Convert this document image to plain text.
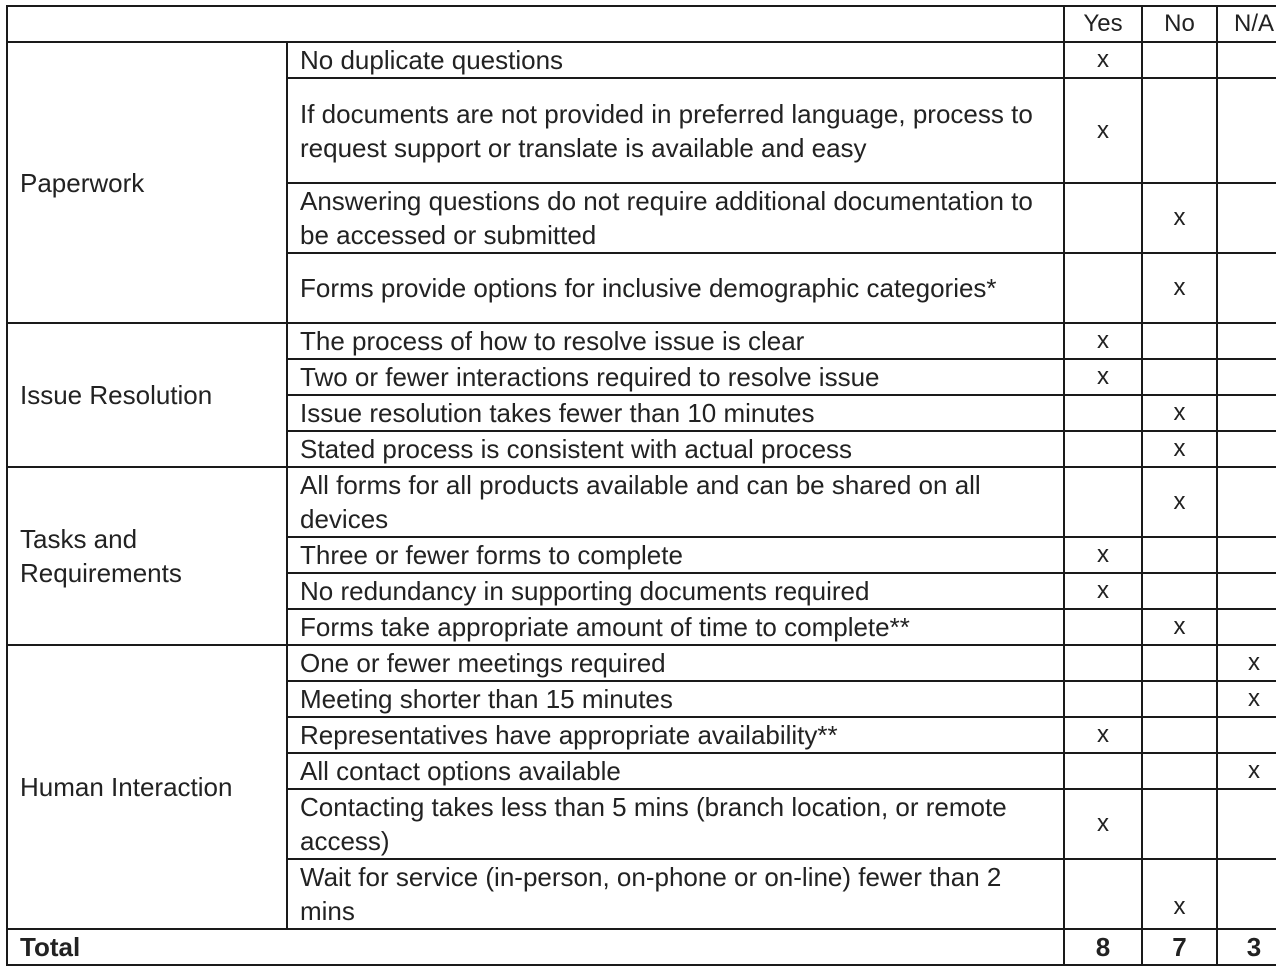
		Yes	No	N/A
Paperwork	No duplicate questions	x		
	If documents are not provided in preferred language, process to request support or translate is available and easy	x		
	Answering questions do not require additional documentation to be accessed or submitted		x	
	Forms provide options for inclusive demographic categories*		x	
Issue Resolution	The process of how to resolve issue is clear	x		
	Two or fewer interactions required to resolve issue	x		
	Issue resolution takes fewer than 10 minutes		x	
	Stated process is consistent with actual process		x	
Tasks and Requirements	All forms for all products available and can be shared on all devices		x	
	Three or fewer forms to complete	x		
	No redundancy in supporting documents required	x		
	Forms take appropriate amount of time to complete**		x	
Human Interaction	One or fewer meetings required			x
	Meeting shorter than 15 minutes			x
	Representatives have appropriate availability**	x		
	All contact options available			x
	Contacting takes less than 5 mins (branch location, or remote access)	x		
	Wait for service (in-person, on-phone or on-line) fewer than 2 mins		x	
Total		8	7	3
